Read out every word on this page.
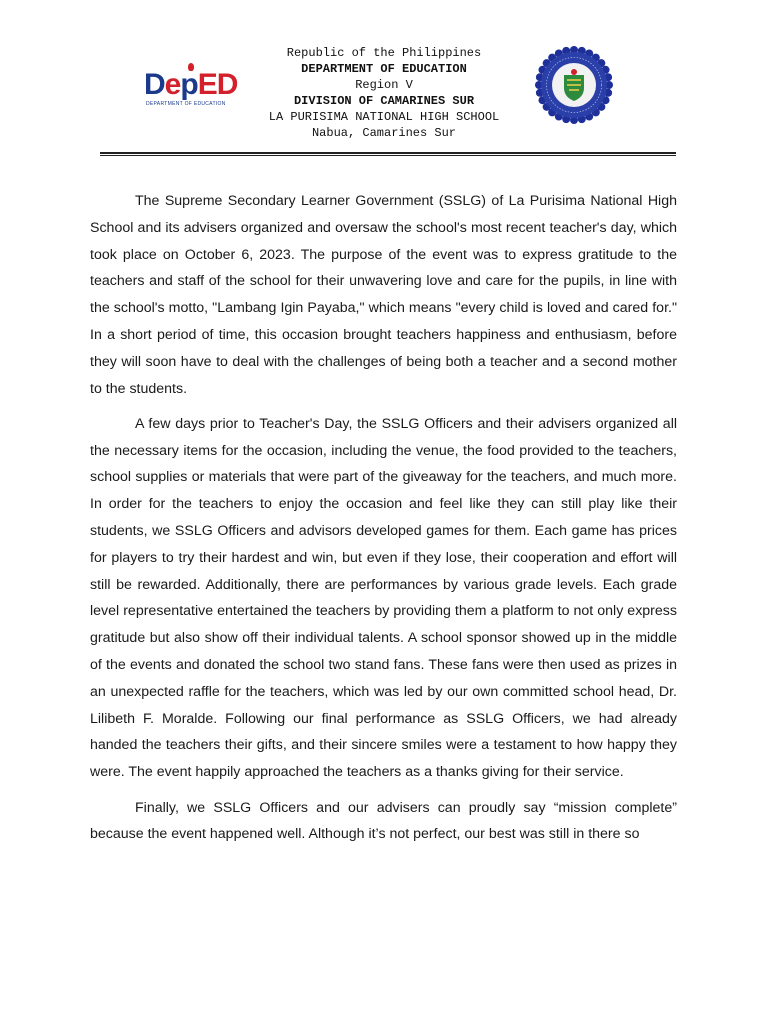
DepED
DEPARTMENT OF EDUCATION
Republic of the Philippines
DEPARTMENT OF EDUCATION
Region V
DIVISION OF CAMARINES SUR
LA PURISIMA NATIONAL HIGH SCHOOL
Nabua, Camarines Sur

The Supreme Secondary Learner Government (SSLG) of La Purisima National High School and its advisers organized and oversaw the school's most recent teacher's day, which took place on October 6, 2023. The purpose of the event was to express gratitude to the teachers and staff of the school for their unwavering love and care for the pupils, in line with the school's motto, "Lambang Igin Payaba," which means "every child is loved and cared for." In a short period of time, this occasion brought teachers happiness and enthusiasm, before they will soon have to deal with the challenges of being both a teacher and a second mother to the students.

A few days prior to Teacher's Day, the SSLG Officers and their advisers organized all the necessary items for the occasion, including the venue, the food provided to the teachers, school supplies or materials that were part of the giveaway for the teachers, and much more. In order for the teachers to enjoy the occasion and feel like they can still play like their students, we SSLG Officers and advisors developed games for them. Each game has prices for players to try their hardest and win, but even if they lose, their cooperation and effort will still be rewarded. Additionally, there are performances by various grade levels. Each grade level representative entertained the teachers by providing them a platform to not only express gratitude but also show off their individual talents. A school sponsor showed up in the middle of the events and donated the school two stand fans. These fans were then used as prizes in an unexpected raffle for the teachers, which was led by our own committed school head, Dr. Lilibeth F. Moralde. Following our final performance as SSLG Officers, we had already handed the teachers their gifts, and their sincere smiles were a testament to how happy they were. The event happily approached the teachers as a thanks giving for their service.

Finally, we SSLG Officers and our advisers can proudly say “mission complete” because the event happened well. Although it’s not perfect, our best was still in there so
